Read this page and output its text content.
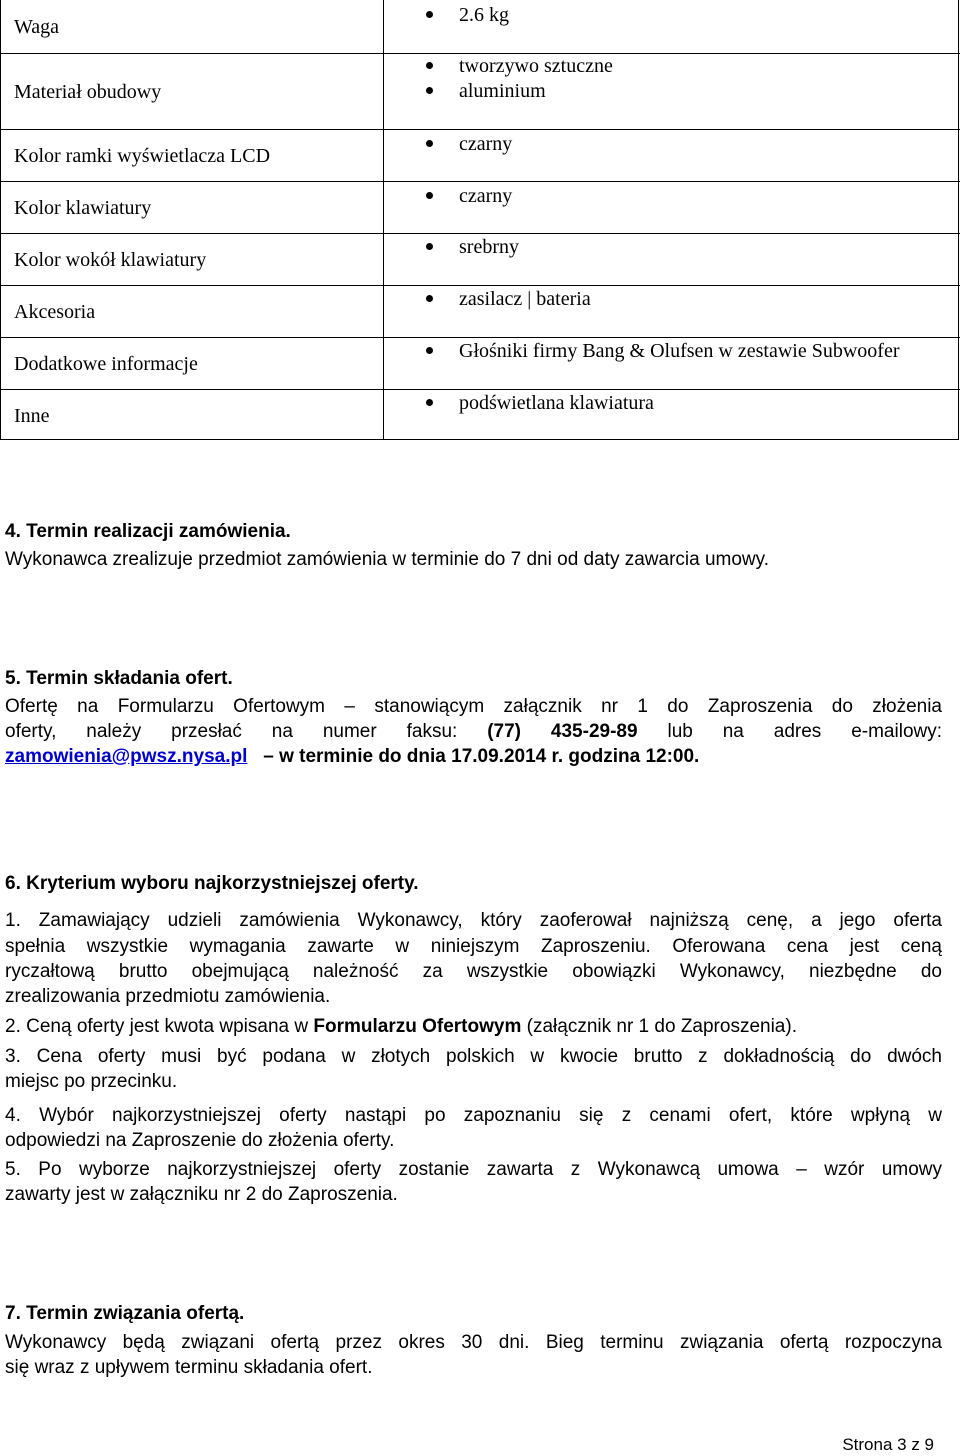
Waga
Materiał obudowy
Kolor ramki wyświetlacza LCD
Kolor klawiatury
Kolor wokół klawiatury
Akcesoria
Dodatkowe informacje
Inne
2.6 kg
tworzywo sztuczne
aluminium
czarny
czarny
srebrny
zasilacz | bateria
Głośniki firmy Bang & Olufsen w zestawie Subwoofer
podświetlana klawiatura
4. Termin realizacji zamówienia.
Wykonawca zrealizuje przedmiot zamówienia w terminie do 7 dni od daty zawarcia umowy.
5. Termin składania ofert.
Ofertę na Formularzu Ofertowym – stanowiącym załącznik nr 1 do Zaproszenia do złożenia
oferty, należy przesłać na numer faksu: (77) 435-29-89 lub na adres e-mailowy:
zamowienia@pwsz.nysa.pl – w terminie do dnia 17.09.2014 r. godzina 12:00.
6. Kryterium wyboru najkorzystniejszej oferty.
1. Zamawiający udzieli zamówienia Wykonawcy, który zaoferował najniższą cenę, a jego oferta
spełnia wszystkie wymagania zawarte w niniejszym Zaproszeniu. Oferowana cena jest ceną
ryczałtową brutto obejmującą należność za wszystkie obowiązki Wykonawcy, niezbędne do
zrealizowania przedmiotu zamówienia.
2. Ceną oferty jest kwota wpisana w Formularzu Ofertowym (załącznik nr 1 do Zaproszenia).
3. Cena oferty musi być podana w złotych polskich w kwocie brutto z dokładnością do dwóch
miejsc po przecinku.
4. Wybór najkorzystniejszej oferty nastąpi po zapoznaniu się z cenami ofert, które wpłyną w
odpowiedzi na Zaproszenie do złożenia oferty.
5. Po wyborze najkorzystniejszej oferty zostanie zawarta z Wykonawcą umowa – wzór umowy
zawarty jest w załączniku nr 2 do Zaproszenia.
7. Termin związania ofertą.
Wykonawcy będą związani ofertą przez okres 30 dni. Bieg terminu związania ofertą rozpoczyna
się wraz z upływem terminu składania ofert.
Strona 3 z 9
